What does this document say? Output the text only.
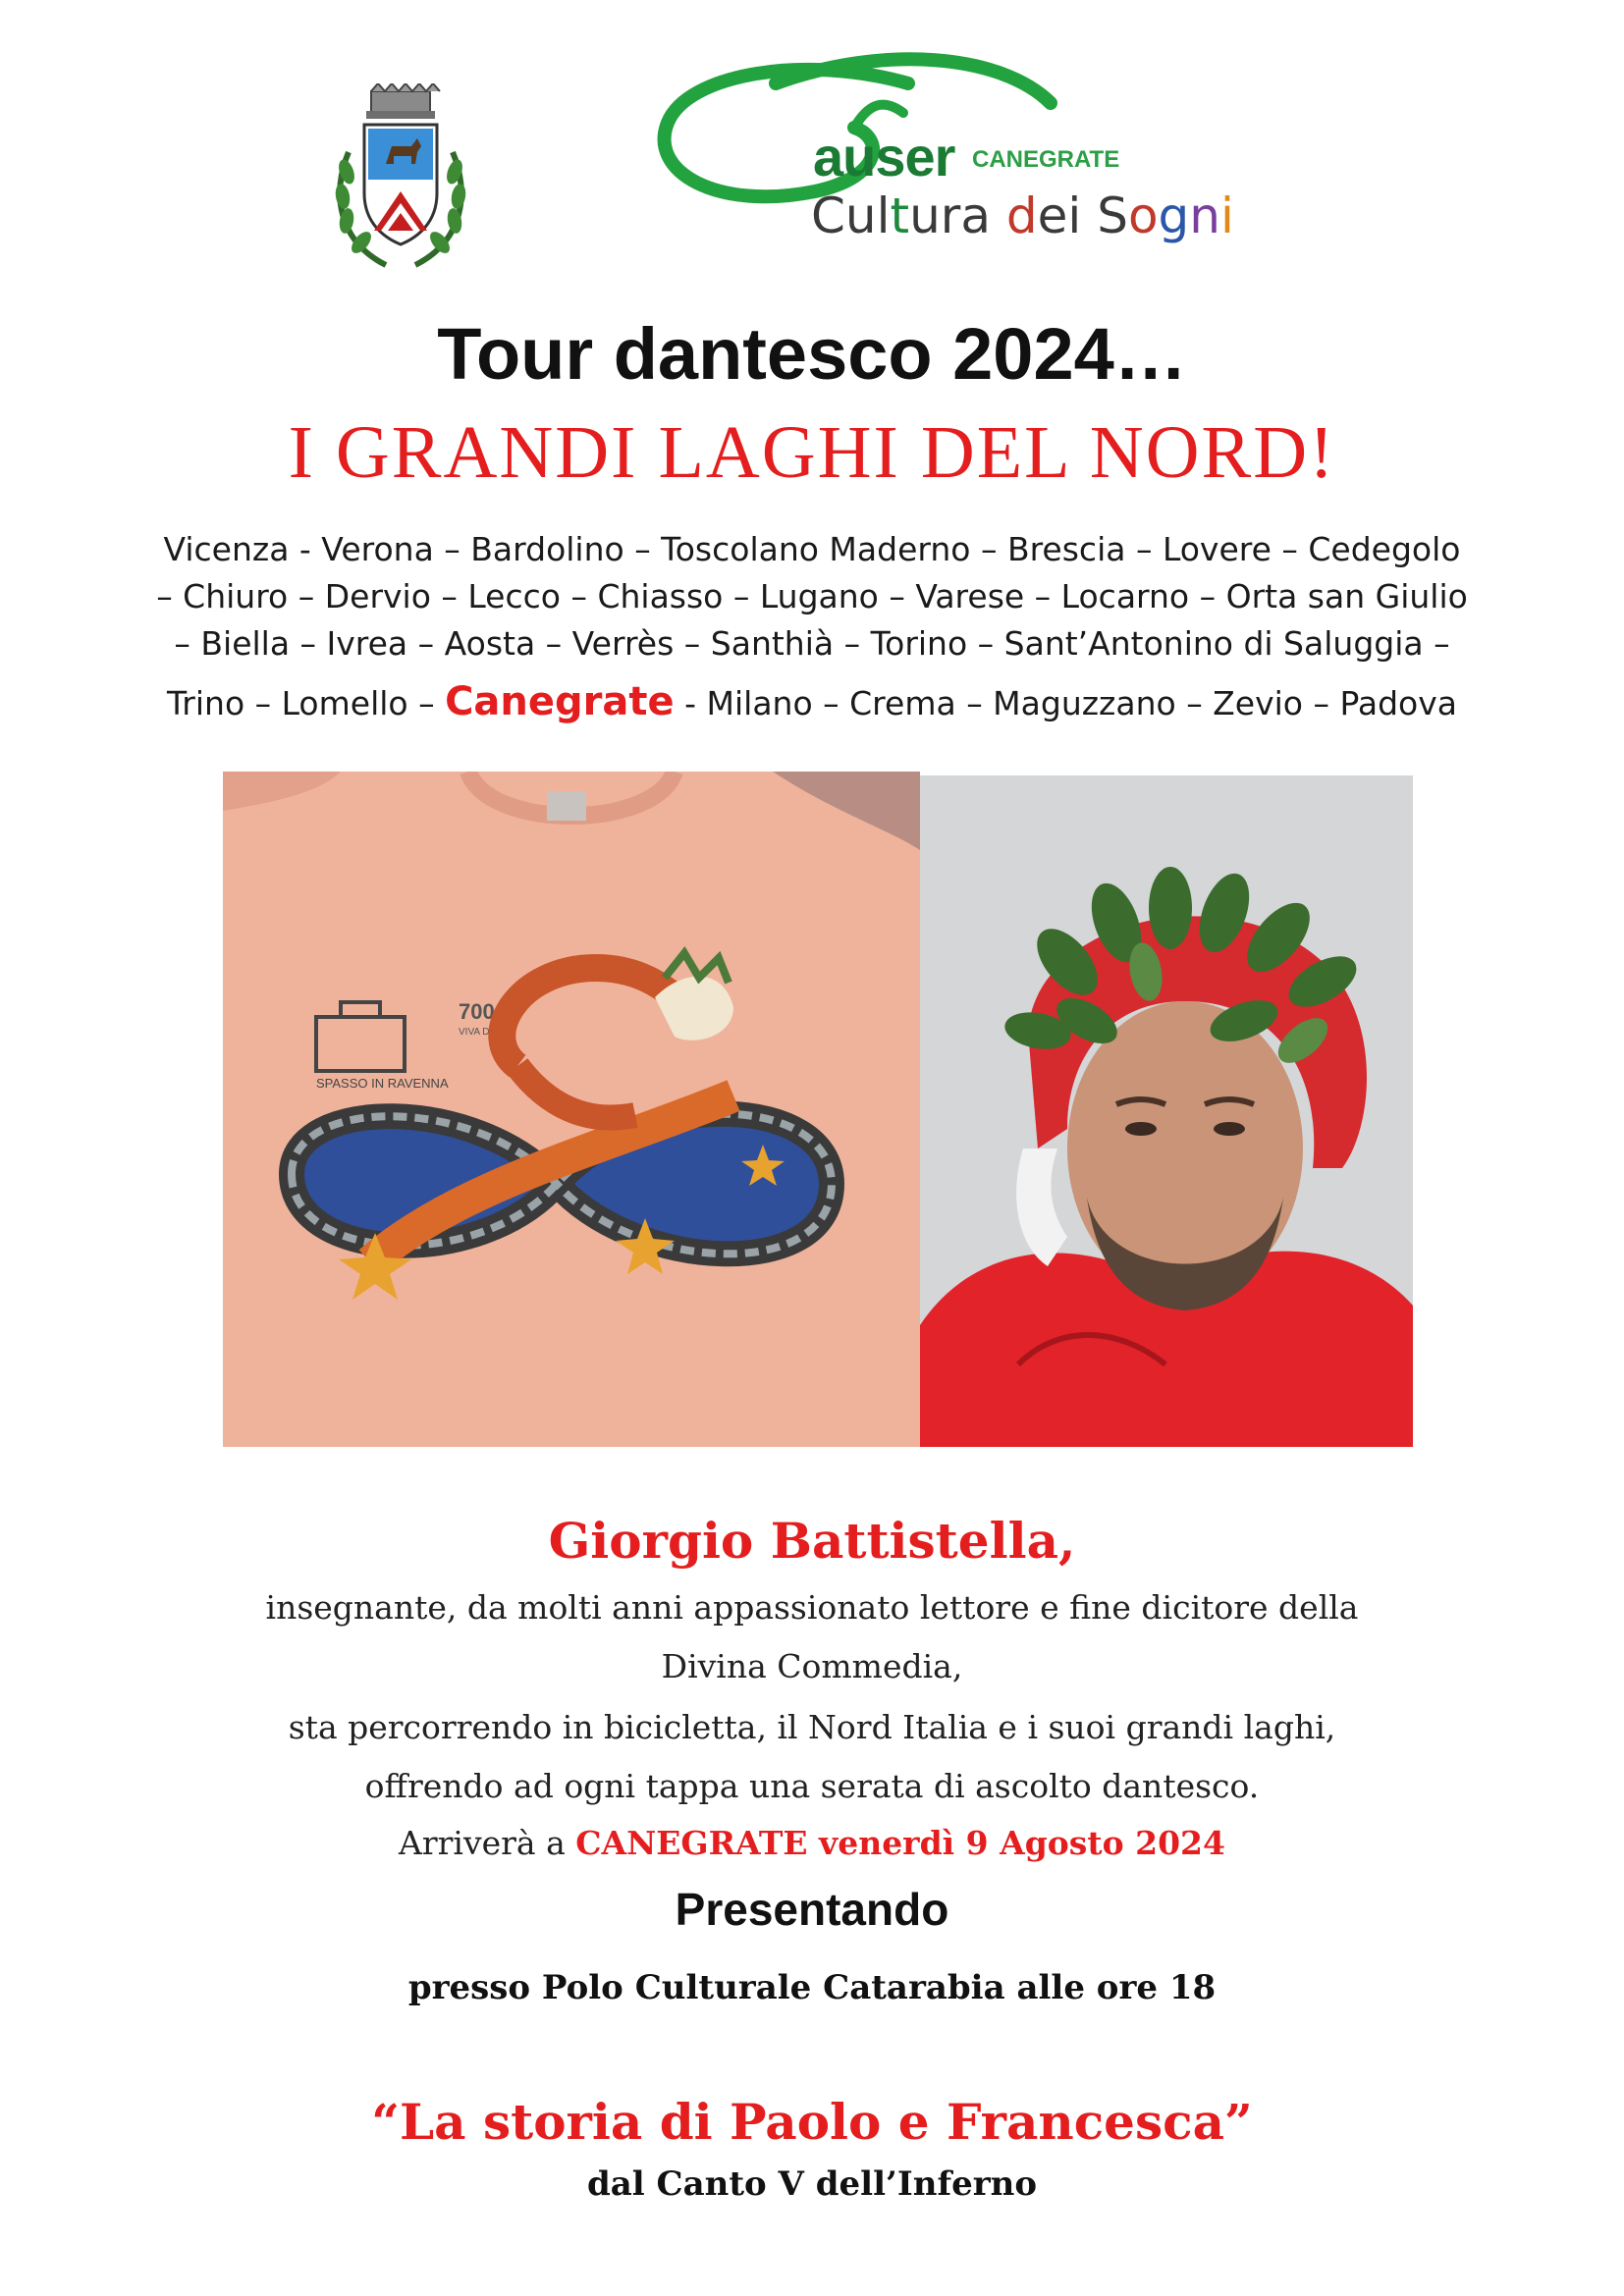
auser CANEGRATE
Cultura dei Sogni
Tour dantesco 2024…
I GRANDI LAGHI DEL NORD!
Vicenza - Verona – Bardolino – Toscolano Maderno – Brescia – Lovere – Cedegolo
– Chiuro – Dervio – Lecco – Chiasso – Lugano – Varese – Locarno – Orta san Giulio
– Biella – Ivrea – Aosta – Verrès – Santhià – Torino – Sant’Antonino di Saluggia –
Trino – Lomello – Canegrate - Milano – Crema – Maguzzano – Zevio – Padova
SPASSO IN RAVENNA
700
VIVA DANTE
Giorgio Battistella,
insegnante, da molti anni appassionato lettore e fine dicitore della
Divina Commedia,
sta percorrendo in bicicletta, il Nord Italia e i suoi grandi laghi,
offrendo ad ogni tappa una serata di ascolto dantesco.
Arriverà a CANEGRATE venerdì 9 Agosto 2024
Presentando
presso Polo Culturale Catarabia alle ore 18
“La storia di Paolo e Francesca”
dal Canto V dell’Inferno
